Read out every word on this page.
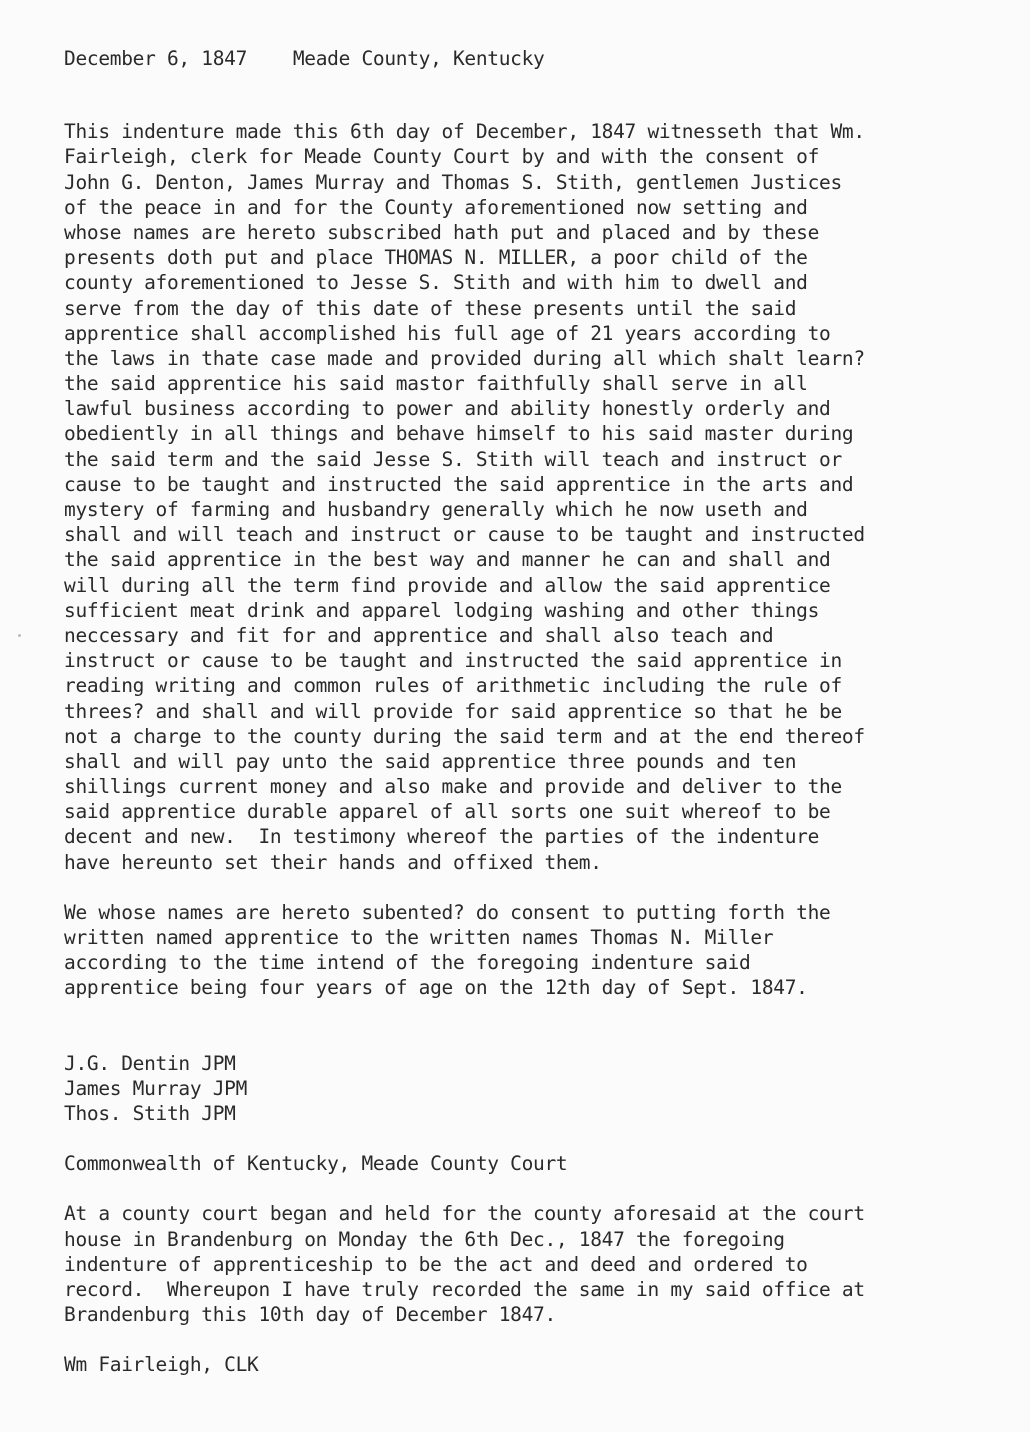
December 6, 1847 Meade County, Kentucky
This indenture made this 6th day of December, 1847 witnesseth that Wm.
Fairleigh, clerk for Meade County Court by and with the consent of
John G. Denton, James Murray and Thomas S. Stith, gentlemen Justices
of the peace in and for the County aforementioned now setting and
whose names are hereto subscribed hath put and placed and by these
presents doth put and place THOMAS N. MILLER, a poor child of the
county aforementioned to Jesse S. Stith and with him to dwell and
serve from the day of this date of these presents until the said
apprentice shall accomplished his full age of 21 years according to
the laws in thate case made and provided during all which shalt learn?
the said apprentice his said mastor faithfully shall serve in all
lawful business according to power and ability honestly orderly and
obediently in all things and behave himself to his said master during
the said term and the said Jesse S. Stith will teach and instruct or
cause to be taught and instructed the said apprentice in the arts and
mystery of farming and husbandry generally which he now useth and
shall and will teach and instruct or cause to be taught and instructed
the said apprentice in the best way and manner he can and shall and
will during all the term find provide and allow the said apprentice
sufficient meat drink and apparel lodging washing and other things
neccessary and fit for and apprentice and shall also teach and
instruct or cause to be taught and instructed the said apprentice in
reading writing and common rules of arithmetic including the rule of
threes? and shall and will provide for said apprentice so that he be
not a charge to the county during the said term and at the end thereof
shall and will pay unto the said apprentice three pounds and ten
shillings current money and also make and provide and deliver to the
said apprentice durable apparel of all sorts one suit whereof to be
decent and new.  In testimony whereof the parties of the indenture
have hereunto set their hands and offixed them.
We whose names are hereto subented? do consent to putting forth the
written named apprentice to the written names Thomas N. Miller
according to the time intend of the foregoing indenture said
apprentice being four years of age on the 12th day of Sept. 1847.
J.G. Dentin JPM
James Murray JPM
Thos. Stith JPM
Commonwealth of Kentucky, Meade County Court
At a county court began and held for the county aforesaid at the court
house in Brandenburg on Monday the 6th Dec., 1847 the foregoing
indenture of apprenticeship to be the act and deed and ordered to
record.  Whereupon I have truly recorded the same in my said office at
Brandenburg this 10th day of December 1847.
Wm Fairleigh, CLK
